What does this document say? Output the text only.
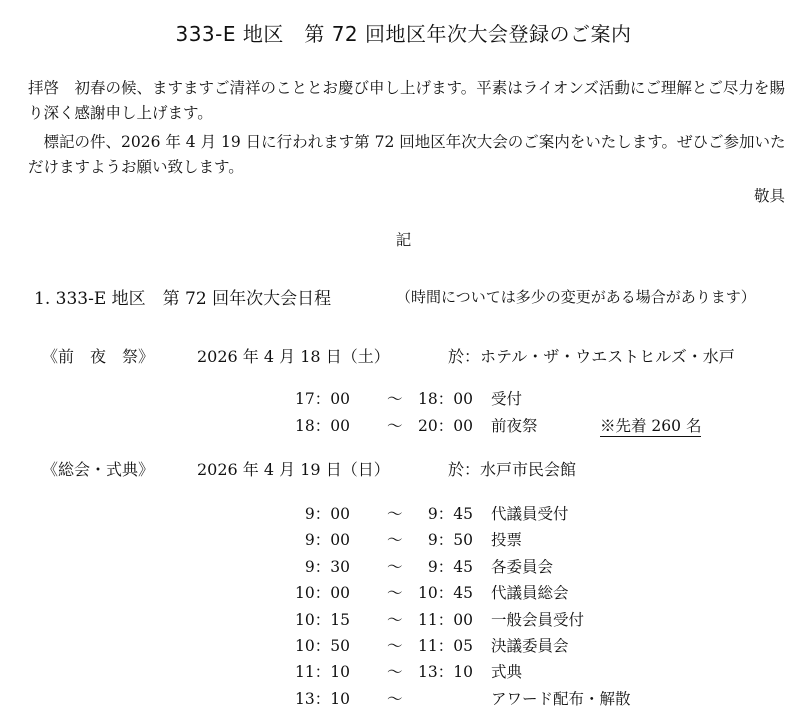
333-E 地区　第 72 回地区年次大会登録のご案内
拝啓　初春の候、ますますご清祥のこととお慶び申し上げます。平素はライオンズ活動にご理解とご尽力を賜り深く感謝申し上げます。
　標記の件、2026 年 4 月 19 日に行われます第 72 回地区年次大会のご案内をいたします。ぜひご参加いただけますようお願い致します。
敬具
記
1. 333-E 地区　第 72 回年次大会日程	（時間については多少の変更がある場合があります）
《前　夜　祭》	2026 年 4 月 18 日（土）	於：ホテル・ザ・ウエストヒルズ・水戸
17：00 ～	18：00 受付
18：00 ～	20：00 前夜祭	※先着 260 名
《総会・式典》	2026 年 4 月 19 日（日）	於：水戸市民会館
9：00 ～	9：45 代議員受付
9：00 ～	9：50 投票
9：30 ～	9：45 各委員会
10：00 ～	10：45 代議員総会
10：15 ～	11：00 一般会員受付
10：50 ～	11：05 決議委員会
11：10 ～	13：10 式典
13：10 ～	アワード配布・解散
